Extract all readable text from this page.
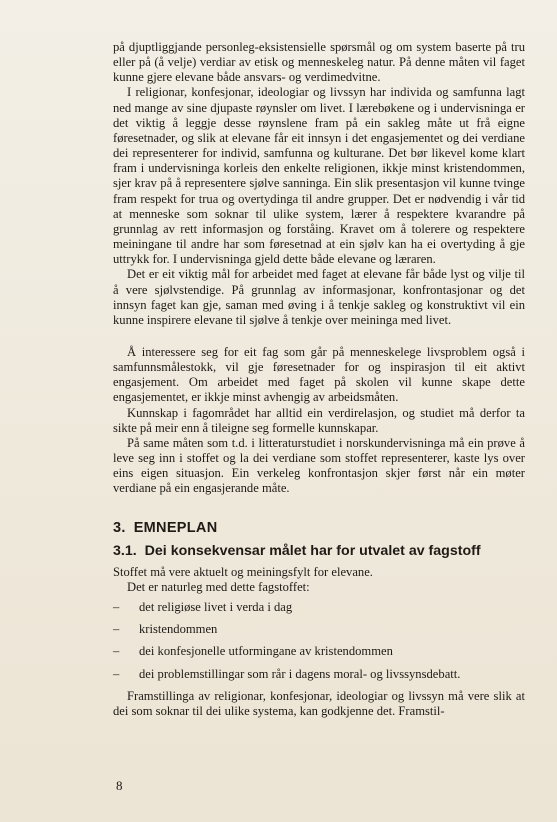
på djuptliggjande personleg-eksistensielle spørsmål og om system baserte på tru eller på (å velje) verdiar av etisk og menneskeleg natur. På denne måten vil faget kunne gjere elevane både ansvars- og verdimedvitne.

I religionar, konfesjonar, ideologiar og livssyn har individa og samfunna lagt ned mange av sine djupaste røynsler om livet. I lærebøkene og i undervisninga er det viktig å leggje desse røynslene fram på ein sakleg måte ut frå eigne føresetnader, og slik at elevane får eit innsyn i det engasjementet og dei verdiane dei representerer for individ, samfunna og kulturane. Det bør likevel kome klart fram i undervisninga korleis den enkelte religionen, ikkje minst kristendommen, sjer krav på å representere sjølve sanninga. Ein slik presentasjon vil kunne tvinge fram respekt for trua og overtydinga til andre grupper. Det er nødvendig i vår tid at menneske som soknar til ulike system, lærer å respektere kvarandre på grunnlag av rett informasjon og forståing. Kravet om å tolerere og respektere meiningane til andre har som føresetnad at ein sjølv kan ha ei overtyding å gje uttrykk for. I undervisninga gjeld dette både elevane og læraren.

Det er eit viktig mål for arbeidet med faget at elevane får både lyst og vilje til å vere sjølvstendige. På grunnlag av informasjonar, konfrontasjonar og det innsyn faget kan gje, saman med øving i å tenkje sakleg og konstruktivt vil ein kunne inspirere elevane til sjølve å tenkje over meininga med livet.

Å interessere seg for eit fag som går på menneskelege livsproblem også i samfunnsmålestokk, vil gje føresetnader for og inspirasjon til eit aktivt engasjement. Om arbeidet med faget på skolen vil kunne skape dette engasjementet, er ikkje minst avhengig av arbeidsmåten.

Kunnskap i fagområdet har alltid ein verdirelasjon, og studiet må derfor ta sikte på meir enn å tileigne seg formelle kunnskapar.

På same måten som t.d. i litteraturstudiet i norskundervisninga må ein prøve å leve seg inn i stoffet og la dei verdiane som stoffet representerer, kaste lys over eins eigen situasjon. Ein verkeleg konfrontasjon skjer først når ein møter verdiane på ein engasjerande måte.

3. EMNEPLAN
3.1. Dei konsekvensar målet har for utvalet av fagstoff

Stoffet må vere aktuelt og meiningsfylt for elevane.

Det er naturleg med dette fagstoffet:

– det religiøse livet i verda i dag
– kristendommen
– dei konfesjonelle utformingane av kristendommen
– dei problemstillingar som rår i dagens moral- og livssynsdebatt.

Framstillinga av religionar, konfesjonar, ideologiar og livssyn må vere slik at dei som soknar til dei ulike systema, kan godkjenne det. Framstil-

8
